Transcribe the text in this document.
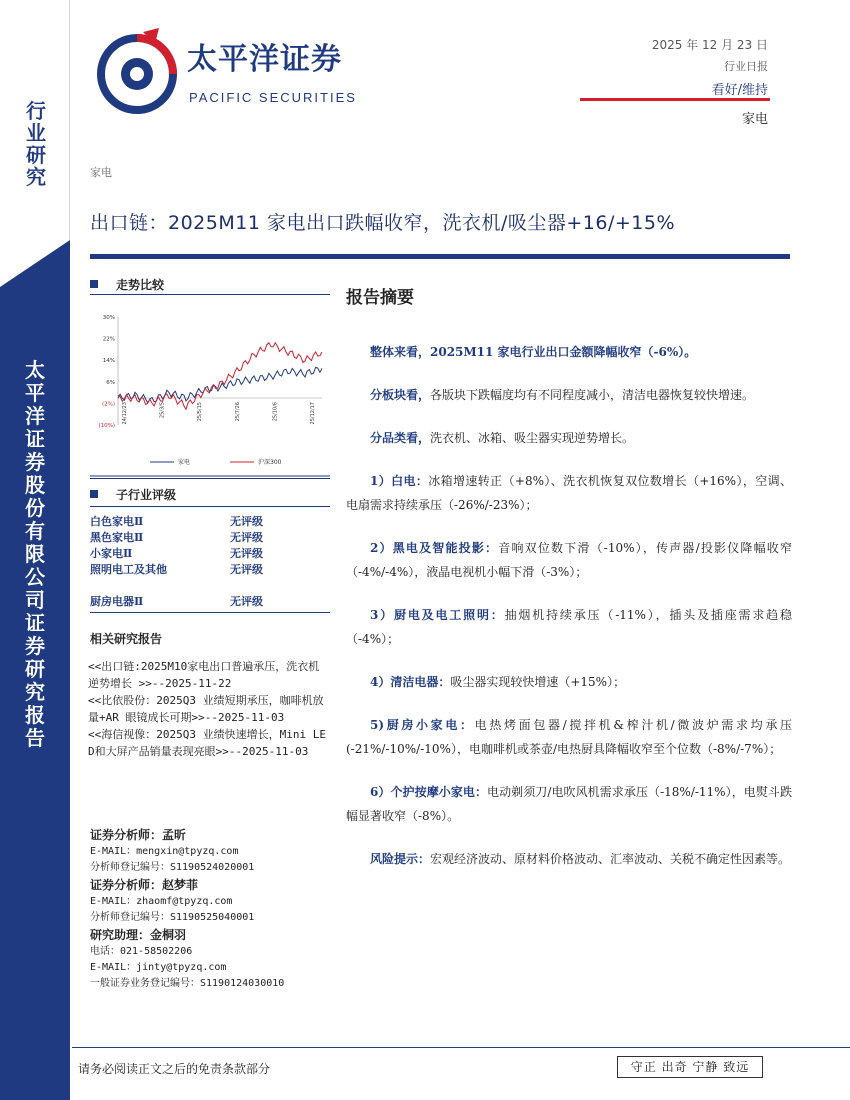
行业研究
太平洋证券股份有限公司证券研究报告
太平洋证券
PACIFIC SECURITIES
2025 年 12 月 23 日
行业日报
看好/维持
家电
家电
出口链：2025M11 家电出口跌幅收窄，洗衣机/吸尘器+16/+15%
走势比较
30%
22%
14%
6%
(2%)
(10%)
24/12/23	25/3/5	25/5/15	25/7/26	25/10/6	25/12/17
家电	沪深300
子行业评级
白色家电Ⅱ	无评级
黑色家电Ⅱ	无评级
小家电Ⅱ	无评级
照明电工及其他	无评级
厨房电器Ⅱ	无评级
相关研究报告

<<出口链:2025M10家电出口普遍承压，洗衣机逆势增长 >>--2025-11-22

<<比依股份：2025Q3 业绩短期承压，咖啡机放量+AR 眼镜成长可期>>--2025-11-03

<<海信视像：2025Q3 业绩快速增长，Mini LED和大屏产品销量表现亮眼>>--2025-11-03

证券分析师：孟昕
E-MAIL：mengxin@tpyzq.com
分析师登记编号：S1190524020001
证券分析师：赵梦菲
E-MAIL：zhaomf@tpyzq.com
分析师登记编号：S1190525040001
研究助理：金桐羽
电话：021-58502206
E-MAIL：jinty@tpyzq.com
一般证券业务登记编号：S1190124030010
报告摘要
整体来看，2025M11 家电行业出口金额降幅收窄（-6%）。
分板块看，各版块下跌幅度均有不同程度减小，清洁电器恢复较快增速。
分品类看，洗衣机、冰箱、吸尘器实现逆势增长。
1）白电：冰箱增速转正（+8%）、洗衣机恢复双位数增长（+16%），空调、电扇需求持续承压（-26%/-23%）；
2）黑电及智能投影：音响双位数下滑（-10%），传声器/投影仪降幅收窄（-4%/-4%），液晶电视机小幅下滑（-3%）；
3）厨电及电工照明：抽烟机持续承压（-11%），插头及插座需求趋稳（-4%）；
4）清洁电器：吸尘器实现较快增速（+15%）；
5)厨房小家电：电热烤面包器/搅拌机&榨汁机/微波炉需求均承压(-21%/-10%/-10%），电咖啡机或茶壶/电热厨具降幅收窄至个位数（-8%/-7%）；
6）个护按摩小家电：电动剃须刀/电吹风机需求承压（-18%/-11%），电熨斗跌幅显著收窄（-8%）。
风险提示：宏观经济波动、原材料价格波动、汇率波动、关税不确定性因素等。
请务必阅读正文之后的免责条款部分	守正 出奇 宁静 致远
